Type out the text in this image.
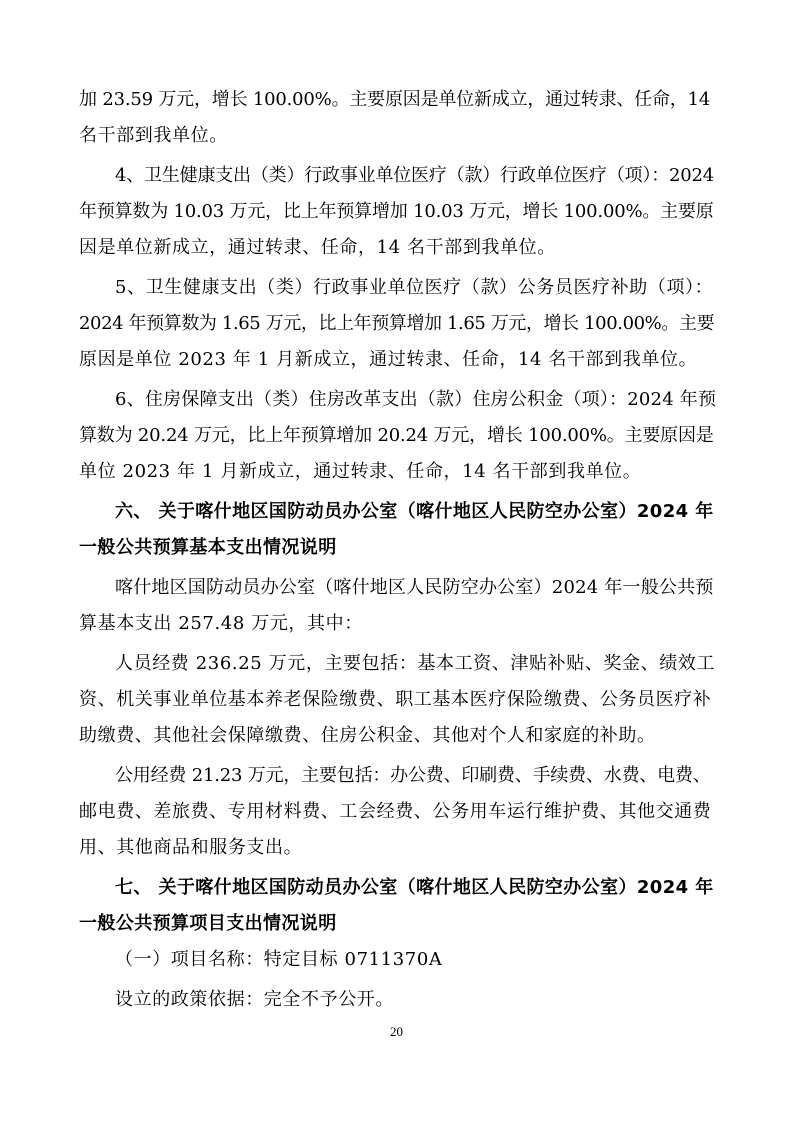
加 23.59 万元，增长 100.00%。主要原因是单位新成立，通过转隶、任命，14
名干部到我单位。
4、卫生健康支出（类）行政事业单位医疗（款）行政单位医疗（项）：2024
年预算数为 10.03 万元，比上年预算增加 10.03 万元，增长 100.00%。主要原
因是单位新成立，通过转隶、任命，14 名干部到我单位。
5、卫生健康支出（类）行政事业单位医疗（款）公务员医疗补助（项）：
2024 年预算数为 1.65 万元，比上年预算增加 1.65 万元，增长 100.00%。主要
原因是单位 2023 年 1 月新成立，通过转隶、任命，14 名干部到我单位。
6、住房保障支出（类）住房改革支出（款）住房公积金（项）：2024 年预
算数为 20.24 万元，比上年预算增加 20.24 万元，增长 100.00%。主要原因是
单位 2023 年 1 月新成立，通过转隶、任命，14 名干部到我单位。
六、 关于喀什地区国防动员办公室（喀什地区人民防空办公室）2024 年
一般公共预算基本支出情况说明
喀什地区国防动员办公室（喀什地区人民防空办公室）2024 年一般公共预
算基本支出 257.48 万元，其中：
人员经费 236.25 万元，主要包括：基本工资、津贴补贴、奖金、绩效工
资、机关事业单位基本养老保险缴费、职工基本医疗保险缴费、公务员医疗补
助缴费、其他社会保障缴费、住房公积金、其他对个人和家庭的补助。
公用经费 21.23 万元，主要包括：办公费、印刷费、手续费、水费、电费、
邮电费、差旅费、专用材料费、工会经费、公务用车运行维护费、其他交通费
用、其他商品和服务支出。
七、 关于喀什地区国防动员办公室（喀什地区人民防空办公室）2024 年
一般公共预算项目支出情况说明
（一）项目名称：特定目标 0711370A
设立的政策依据：完全不予公开。
20
